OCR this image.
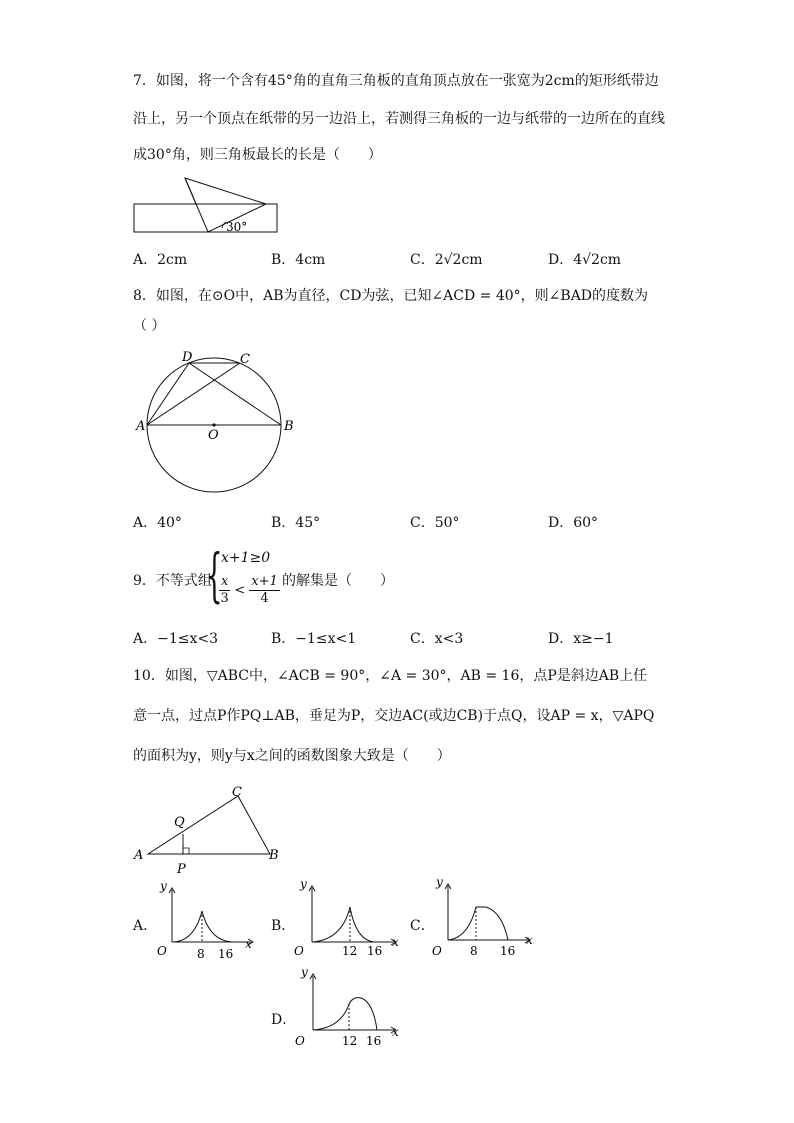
7．如图，将一个含有45°角的直角三角板的直角顶点放在一张宽为2cm的矩形纸带边
沿上，另一个顶点在纸带的另一边沿上，若测得三角板的一边与纸带的一边所在的直线
成30°角，则三角板最长的长是（　　）
30°
A．2cm	B．4cm	C．2√2cm	D．4√2cm
8．如图，在⊙O中，AB为直径，CD为弦，已知∠ACD = 40°，则∠BAD的度数为
（ ）
A	B
C
D
O
A．40°	B．45°	C．50°	D．60°
9．不等式组
{
x+1≥0
$\frac{x}{3} < \frac{x+1}{4}$ 的解集是（　　）
A．−1≤x<3	B．−1≤x<1	C．x<3	D．x≥−1
10．如图，▽ABC中，∠ACB = 90°，∠A = 30°，AB = 16，点P是斜边AB上任
意一点，过点P作PQ⊥AB，垂足为P，交边AC(或边CB)于点Q，设AP = x，▽APQ
的面积为y，则y与x之间的函数图象大致是（　　）
A	B
C
P
Q
A．
y
x
O	8 16
B．
y
x
O	12 16
C．
y
x
O 8 16
D．
y
x
O	12 16
